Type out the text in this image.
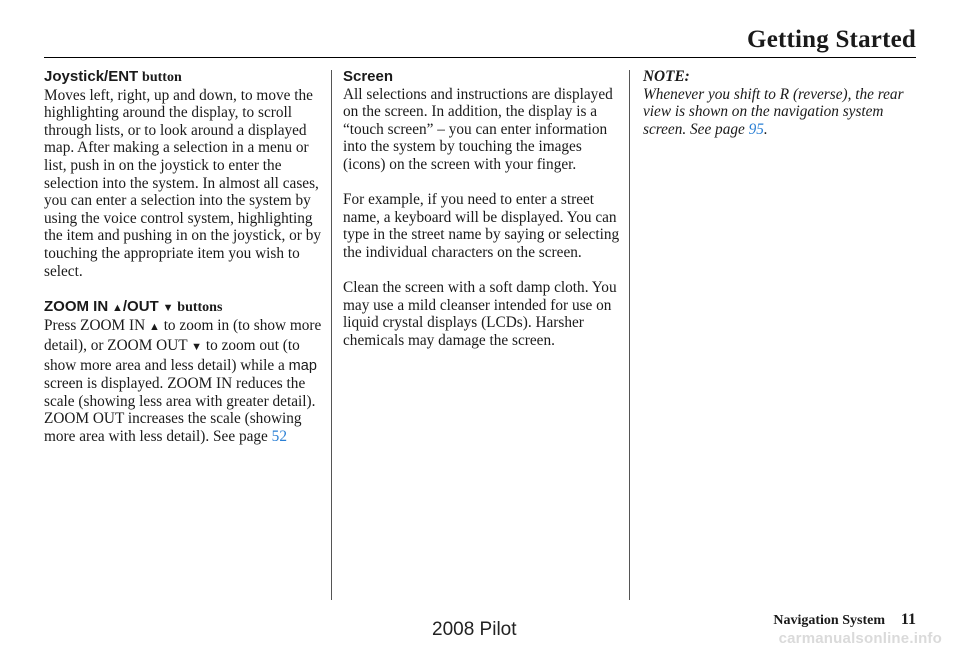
Getting Started

Joystick/ENT button

Moves left, right, up and down, to move the highlighting around the display, to scroll through lists, or to look around a displayed map. After making a selection in a menu or list, push in on the joystick to enter the selection into the system. In almost all cases, you can enter a selection into the system by using the voice control system, highlighting the item and pushing in on the joystick, or by touching the appropriate item you wish to select.

ZOOM IN ▲/OUT ▼ buttons

Press ZOOM IN ▲ to zoom in (to show more detail), or ZOOM OUT ▼ to zoom out (to show more area and less detail) while a map screen is displayed. ZOOM IN reduces the scale (showing less area with greater detail). ZOOM OUT increases the scale (showing more area with less detail). See page 52

Screen

All selections and instructions are displayed on the screen. In addition, the display is a “touch screen” – you can enter information into the system by touching the images (icons) on the screen with your finger.

For example, if you need to enter a street name, a keyboard will be displayed. You can type in the street name by saying or selecting the individual characters on the screen.

Clean the screen with a soft damp cloth. You may use a mild cleanser intended for use on liquid crystal displays (LCDs). Harsher chemicals may damage the screen.

NOTE:

Whenever you shift to R (reverse), the rear view is shown on the navigation system screen. See page 95.

Navigation System 11
2008 Pilot	carmanualsonline.info
